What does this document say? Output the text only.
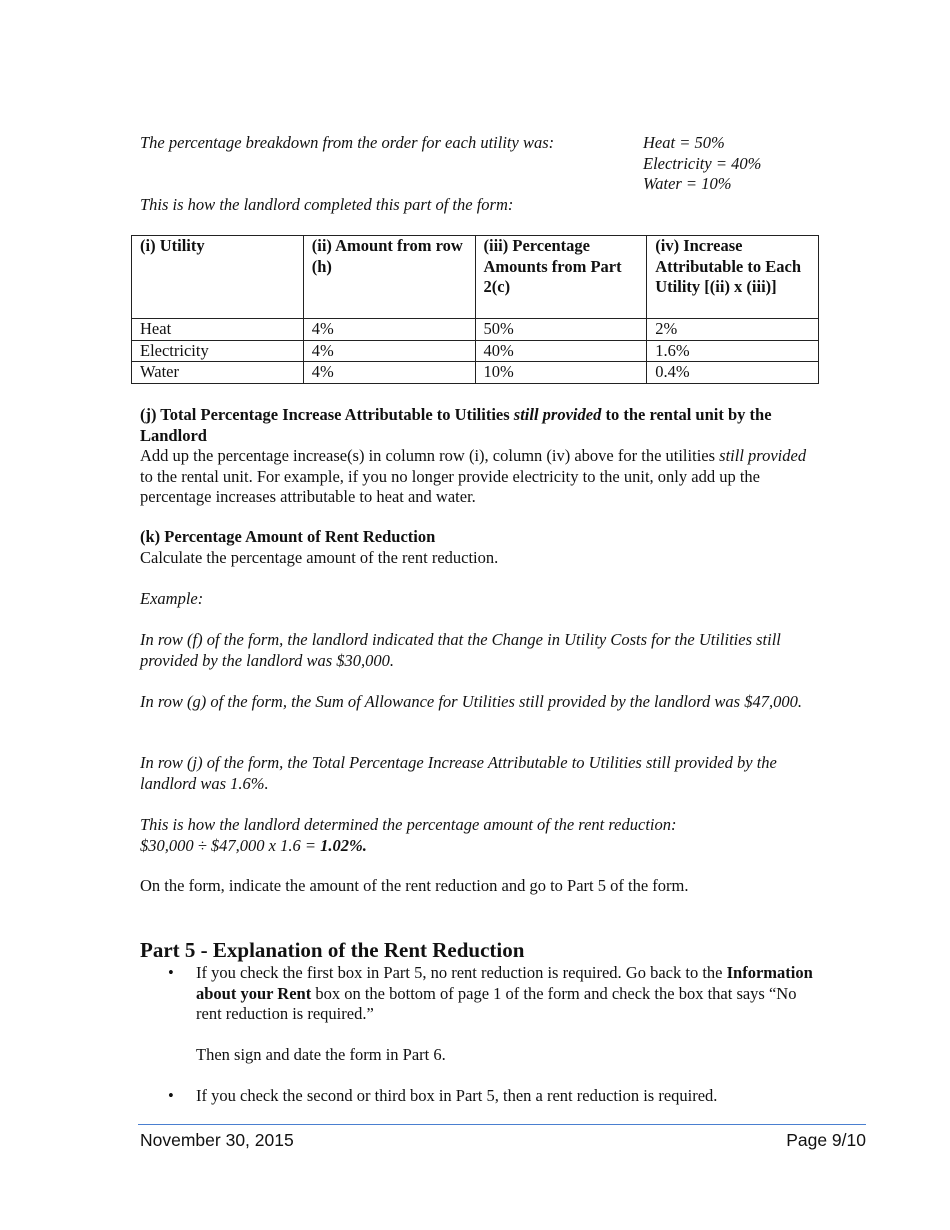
The percentage breakdown from the order for each utility was:	Heat = 50%
Electricity = 40%
Water = 10%

This is how the landlord completed this part of the form:

(i) Utility	(ii) Amount from row (h)	(iii) Percentage Amounts from Part 2(c)	(iv) Increase Attributable to Each Utility [(ii) x (iii)]
Heat	4%	50%	2%
Electricity	4%	40%	1.6%
Water	4%	10%	0.4%

(j) Total Percentage Increase Attributable to Utilities still provided to the rental unit by the Landlord

Add up the percentage increase(s) in column row (i), column (iv) above for the utilities still provided to the rental unit. For example, if you no longer provide electricity to the unit, only add up the percentage increases attributable to heat and water.

(k) Percentage Amount of Rent Reduction

Calculate the percentage amount of the rent reduction.

Example:

In row (f) of the form, the landlord indicated that the Change in Utility Costs for the Utilities still provided by the landlord was $30,000.

In row (g) of the form, the Sum of Allowance for Utilities still provided by the landlord was $47,000.

In row (j) of the form, the Total Percentage Increase Attributable to Utilities still provided by the landlord was 1.6%.

This is how the landlord determined the percentage amount of the rent reduction:

$30,000 ÷ $47,000 x 1.6 = 1.02%.

On the form, indicate the amount of the rent reduction and go to Part 5 of the form.

Part 5 - Explanation of the Rent Reduction

• If you check the first box in Part 5, no rent reduction is required. Go back to the Information about your Rent box on the bottom of page 1 of the form and check the box that says “No rent reduction is required.”

Then sign and date the form in Part 6.

• If you check the second or third box in Part 5, then a rent reduction is required.

November 30, 2015	Page 9/10
